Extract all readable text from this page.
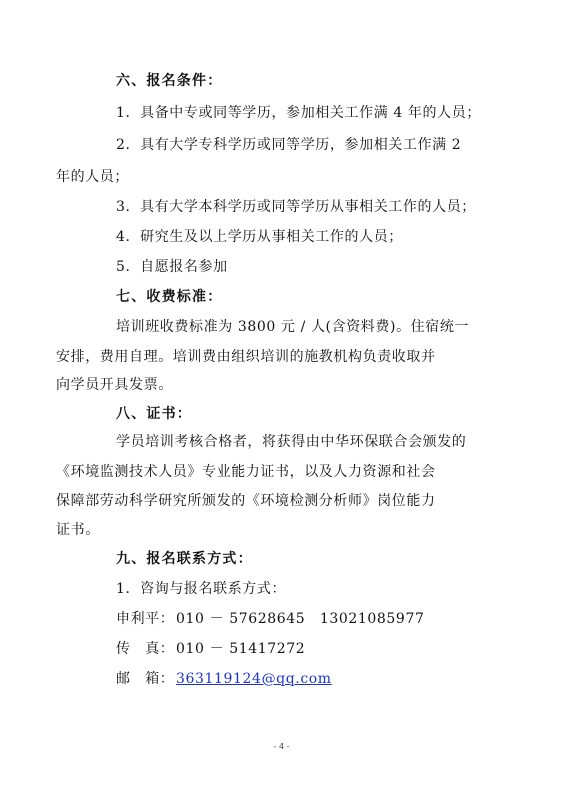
六、报名条件：
1．具备中专或同等学历，参加相关工作满 4 年的人员；
2．具有大学专科学历或同等学历，参加相关工作满 2
年的人员；
3．具有大学本科学历或同等学历从事相关工作的人员；
4．研究生及以上学历从事相关工作的人员；
5．自愿报名参加
七、收费标准：
培训班收费标准为 3800 元 / 人(含资料费)。住宿统一
安排，费用自理。培训费由组织培训的施教机构负责收取并
向学员开具发票。
八、证书：
学员培训考核合格者，将获得由中华环保联合会颁发的
《环境监测技术人员》专业能力证书，以及人力资源和社会
保障部劳动科学研究所颁发的《环境检测分析师》岗位能力
证书。
九、报名联系方式：
1．咨询与报名联系方式：
申利平： 010 － 57628645　13021085977
传　真： 010 － 51417272
邮　箱： 363119124@qq.com
- 4 -
